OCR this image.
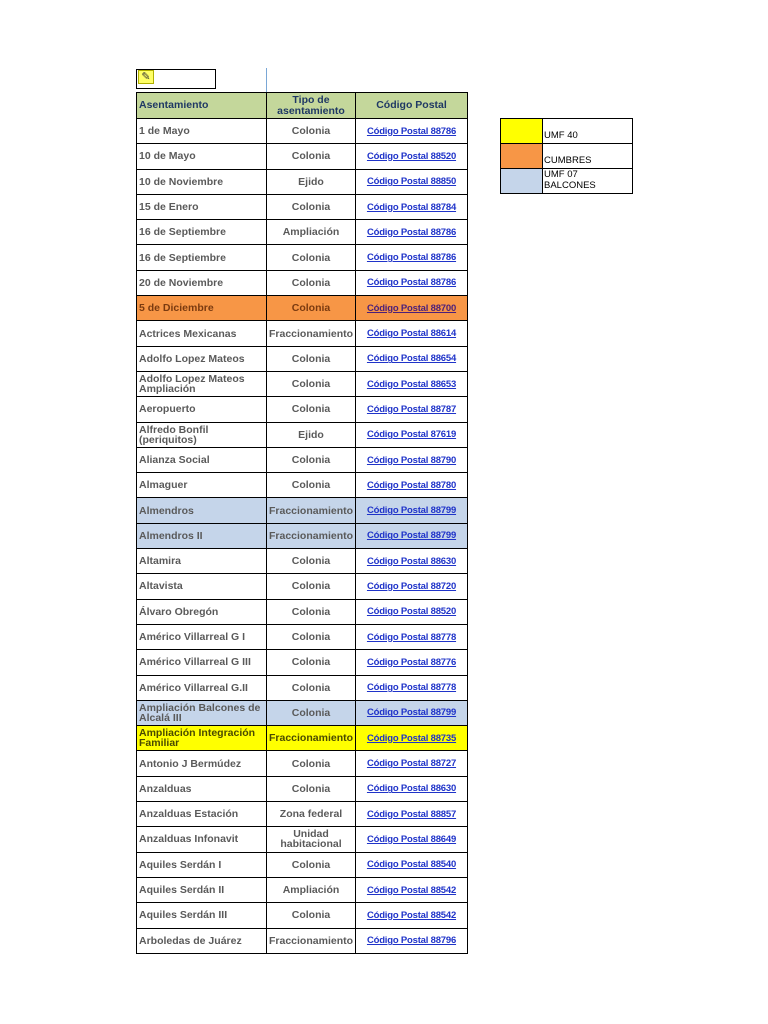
✎
Asentamiento	Tipo de asentamiento	Código Postal
1 de Mayo	Colonia	Código Postal 88786
10 de Mayo	Colonia	Código Postal 88520
10 de Noviembre	Ejido	Código Postal 88850
15 de Enero	Colonia	Código Postal 88784
16 de Septiembre	Ampliación	Código Postal 88786
16 de Septiembre	Colonia	Código Postal 88786
20 de Noviembre	Colonia	Código Postal 88786
5 de Diciembre	Colonia	Código Postal 88700
Actrices Mexicanas	Fraccionamiento	Código Postal 88614
Adolfo Lopez Mateos	Colonia	Código Postal 88654
Adolfo Lopez Mateos Ampliación	Colonia	Código Postal 88653
Aeropuerto	Colonia	Código Postal 88787
Alfredo Bonfil (periquitos)	Ejido	Código Postal 87619
Alianza Social	Colonia	Código Postal 88790
Almaguer	Colonia	Código Postal 88780
Almendros	Fraccionamiento	Código Postal 88799
Almendros II	Fraccionamiento	Código Postal 88799
Altamira	Colonia	Código Postal 88630
Altavista	Colonia	Código Postal 88720
Álvaro Obregón	Colonia	Código Postal 88520
Américo Villarreal G I	Colonia	Código Postal 88778
Américo Villarreal G III	Colonia	Código Postal 88776
Américo Villarreal G.II	Colonia	Código Postal 88778
Ampliación Balcones de Alcalá III	Colonia	Código Postal 88799
Ampliación Integración Familiar	Fraccionamiento	Código Postal 88735
Antonio J Bermúdez	Colonia	Código Postal 88727
Anzalduas	Colonia	Código Postal 88630
Anzalduas Estación	Zona federal	Código Postal 88857
Anzalduas Infonavit	Unidad habitacional	Código Postal 88649
Aquiles Serdán I	Colonia	Código Postal 88540
Aquiles Serdán II	Ampliación	Código Postal 88542
Aquiles Serdán III	Colonia	Código Postal 88542
Arboledas de Juárez	Fraccionamiento	Código Postal 88796
	UMF 40
	CUMBRES
	UMF 07 BALCONES
